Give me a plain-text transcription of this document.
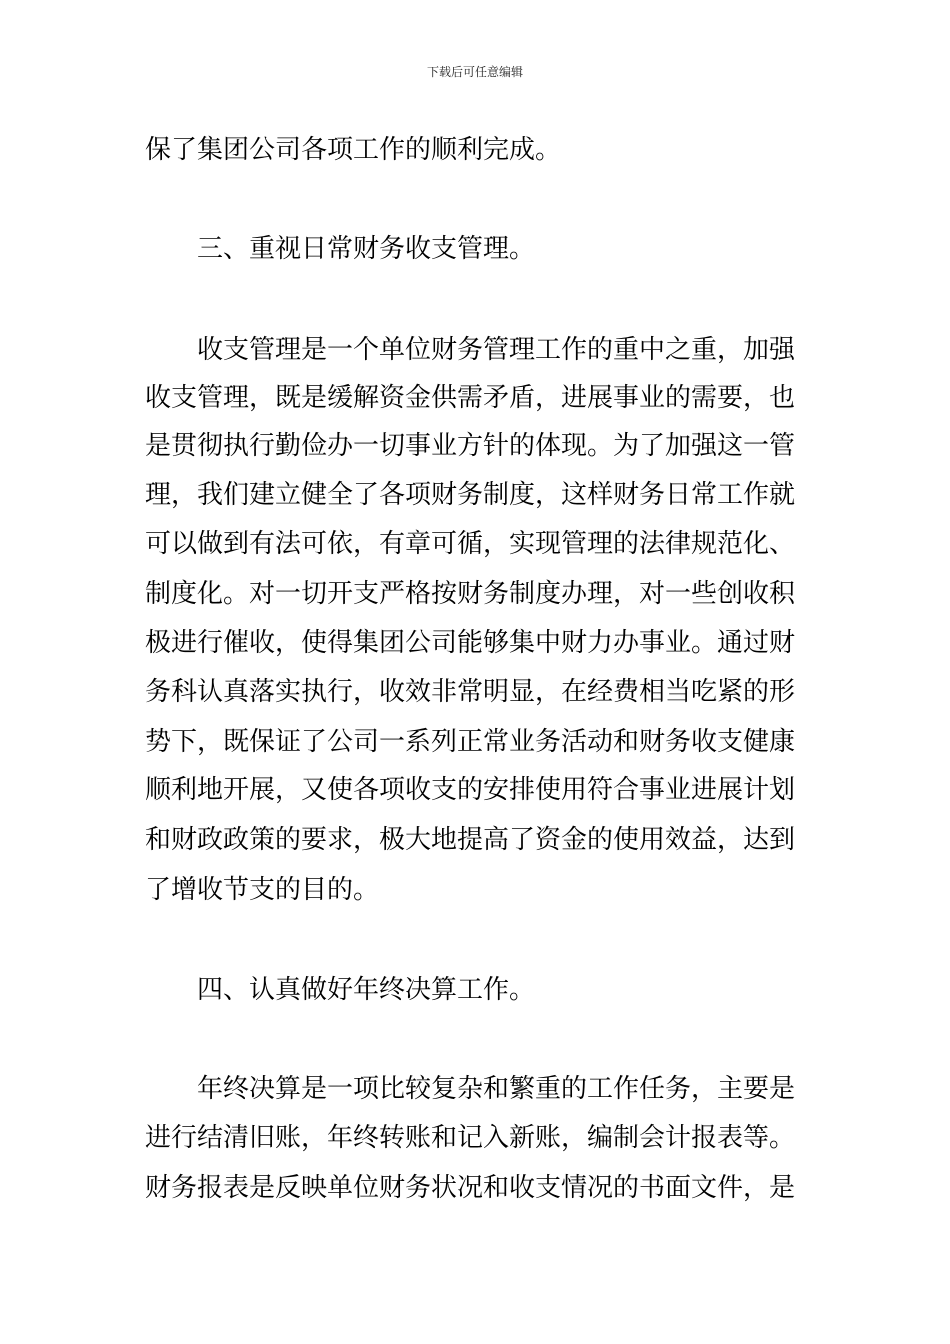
下载后可任意编辑
保了集团公司各项工作的顺利完成。
三、重视日常财务收支管理。
收支管理是一个单位财务管理工作的重中之重，加强
收支管理，既是缓解资金供需矛盾，进展事业的需要，也
是贯彻执行勤俭办一切事业方针的体现。为了加强这一管
理，我们建立健全了各项财务制度，这样财务日常工作就
可以做到有法可依，有章可循，实现管理的法律规范化、
制度化。对一切开支严格按财务制度办理，对一些创收积
极进行催收，使得集团公司能够集中财力办事业。通过财
务科认真落实执行，收效非常明显，在经费相当吃紧的形
势下，既保证了公司一系列正常业务活动和财务收支健康
顺利地开展，又使各项收支的安排使用符合事业进展计划
和财政政策的要求，极大地提高了资金的使用效益，达到
了增收节支的目的。
四、认真做好年终决算工作。
年终决算是一项比较复杂和繁重的工作任务，主要是
进行结清旧账，年终转账和记入新账，编制会计报表等。
财务报表是反映单位财务状况和收支情况的书面文件，是
